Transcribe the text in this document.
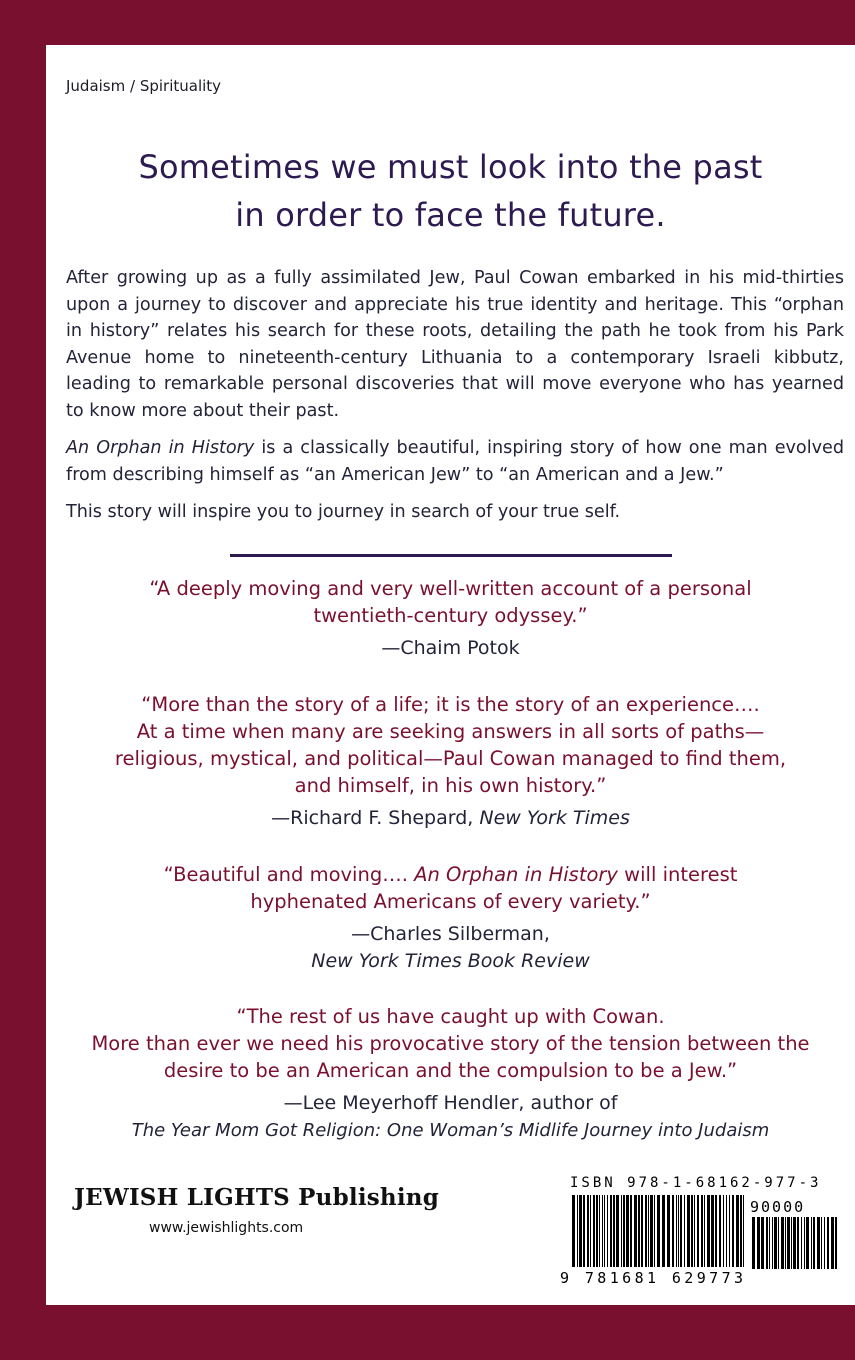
Judaism / Spirituality
Sometimes we must look into the past
in order to face the future.

After growing up as a fully assimilated Jew, Paul Cowan embarked in his mid-thirties upon a journey to discover and appreciate his true identity and heritage. This “orphan in history” relates his search for these roots, detailing the path he took from his Park Avenue home to nineteenth-century Lithuania to a contemporary Israeli kibbutz, leading to remarkable personal discoveries that will move everyone who has yearned to know more about their past.

An Orphan in History is a classically beautiful, inspiring story of how one man evolved from describing himself as “an American Jew” to “an American and a Jew.”

This story will inspire you to journey in search of your true self.

“A deeply moving and very well-written account of a personal

twentieth-century odyssey.”

—Chaim Potok

“More than the story of a life; it is the story of an experience….

At a time when many are seeking answers in all sorts of paths—

religious, mystical, and political—Paul Cowan managed to find them,

and himself, in his own history.”

—Richard F. Shepard, New York Times

“Beautiful and moving…. An Orphan in History will interest

hyphenated Americans of every variety.”

—Charles Silberman,

New York Times Book Review

“The rest of us have caught up with Cowan.

More than ever we need his provocative story of the tension between the

desire to be an American and the compulsion to be a Jew.”

—Lee Meyerhoff Hendler, author of

The Year Mom Got Religion: One Woman’s Midlife Journey into Judaism

JEWISH LIGHTS Publishing
www.jewishlights.com
ISBN 978-1-68162-977-3
90000
9 781681 629773
